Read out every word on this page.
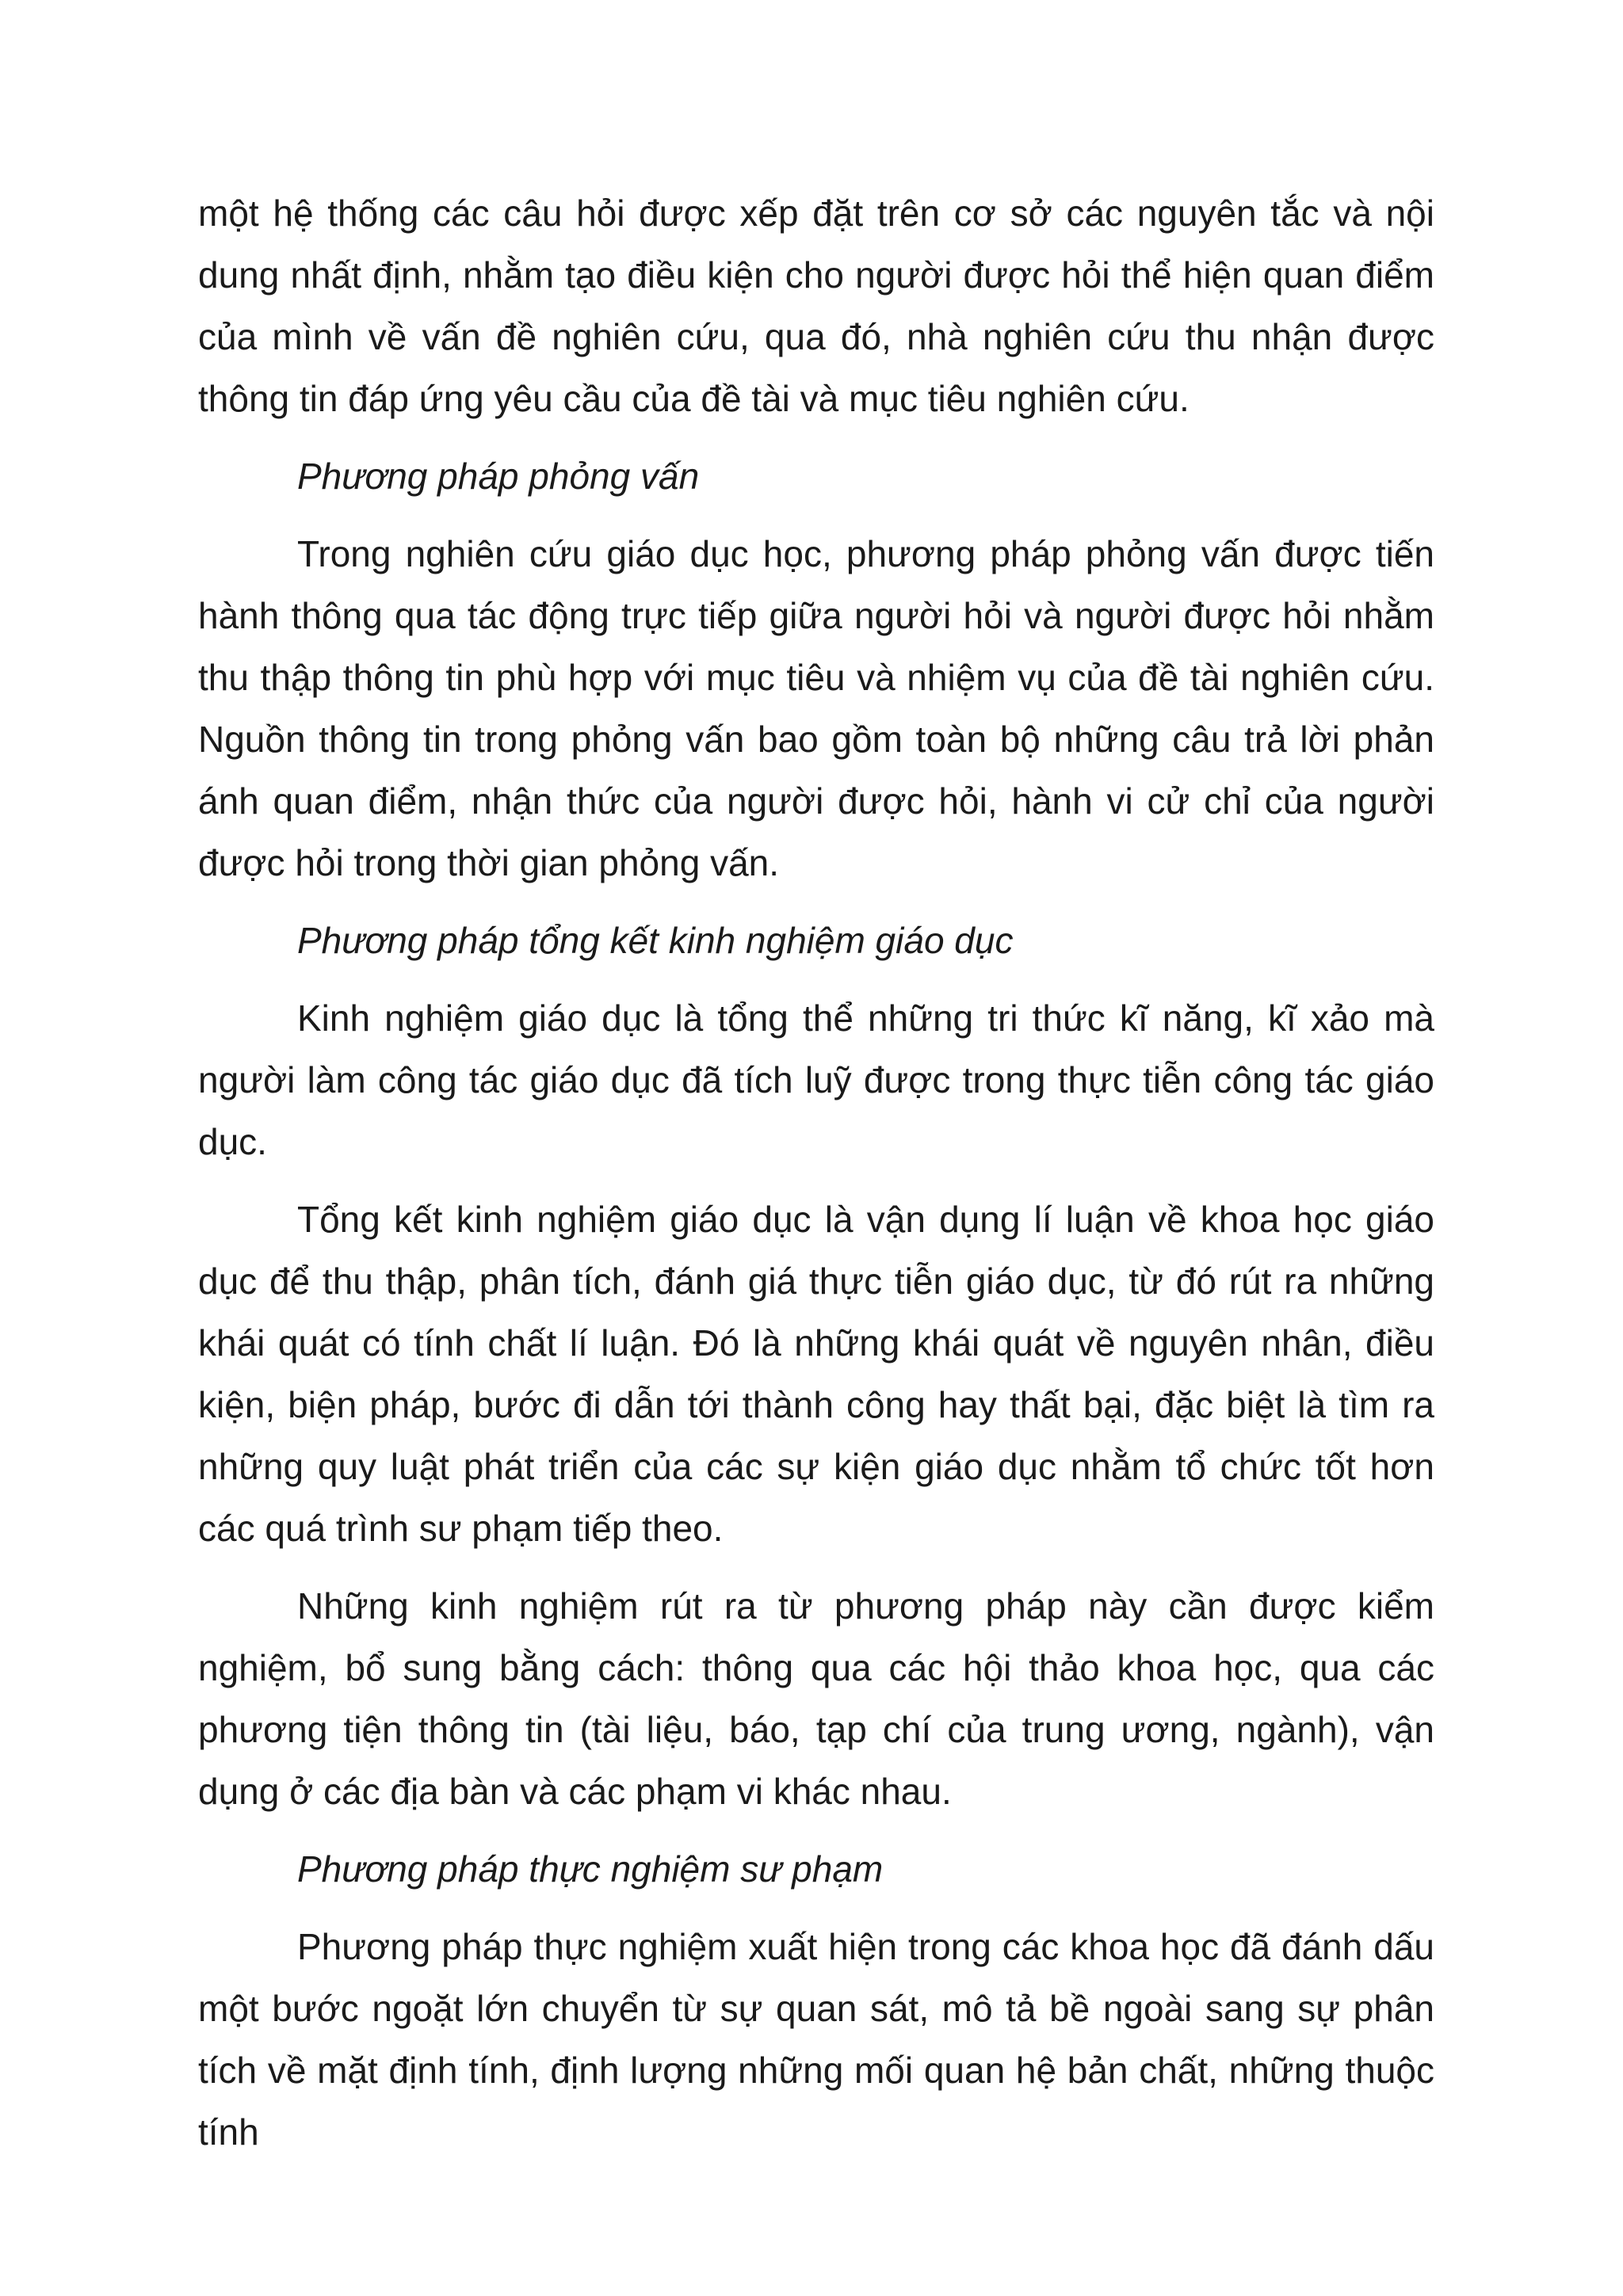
một hệ thống các câu hỏi được xếp đặt trên cơ sở các nguyên tắc và nội dung nhất định, nhằm tạo điều kiện cho người được hỏi thể hiện quan điểm của mình về vấn đề nghiên cứu, qua đó, nhà nghiên cứu thu nhận được thông tin đáp ứng yêu cầu của đề tài và mục tiêu nghiên cứu.

Phương pháp phỏng vấn

Trong nghiên cứu giáo dục học, phương pháp phỏng vấn được tiến hành thông qua tác động trực tiếp giữa người hỏi và người được hỏi nhằm thu thập thông tin phù hợp với mục tiêu và nhiệm vụ của đề tài nghiên cứu. Nguồn thông tin trong phỏng vấn bao gồm toàn bộ những câu trả lời phản ánh quan điểm, nhận thức của người được hỏi, hành vi cử chỉ của người được hỏi trong thời gian phỏng vấn.

Phương pháp tổng kết kinh nghiệm giáo dục

Kinh nghiệm giáo dục là tổng thể những tri thức kĩ năng, kĩ xảo mà người làm công tác giáo dục đã tích luỹ được trong thực tiễn công tác giáo dục.

Tổng kết kinh nghiệm giáo dục là vận dụng lí luận về khoa học giáo dục để thu thập, phân tích, đánh giá thực tiễn giáo dục, từ đó rút ra những khái quát có tính chất lí luận. Đó là những khái quát về nguyên nhân, điều kiện, biện pháp, bước đi dẫn tới thành công hay thất bại, đặc biệt là tìm ra những quy luật phát triển của các sự kiện giáo dục nhằm tổ chức tốt hơn các quá trình sư phạm tiếp theo.

Những kinh nghiệm rút ra từ phương pháp này cần được kiểm nghiệm, bổ sung bằng cách: thông qua các hội thảo khoa học, qua các phương tiện thông tin (tài liệu, báo, tạp chí của trung ương, ngành), vận dụng ở các địa bàn và các phạm vi khác nhau.

Phương pháp thực nghiệm sư phạm

Phương pháp thực nghiệm xuất hiện trong các khoa học đã đánh dấu một bước ngoặt lớn chuyển từ sự quan sát, mô tả bề ngoài sang sự phân tích về mặt định tính, định lượng những mối quan hệ bản chất, những thuộc tính
